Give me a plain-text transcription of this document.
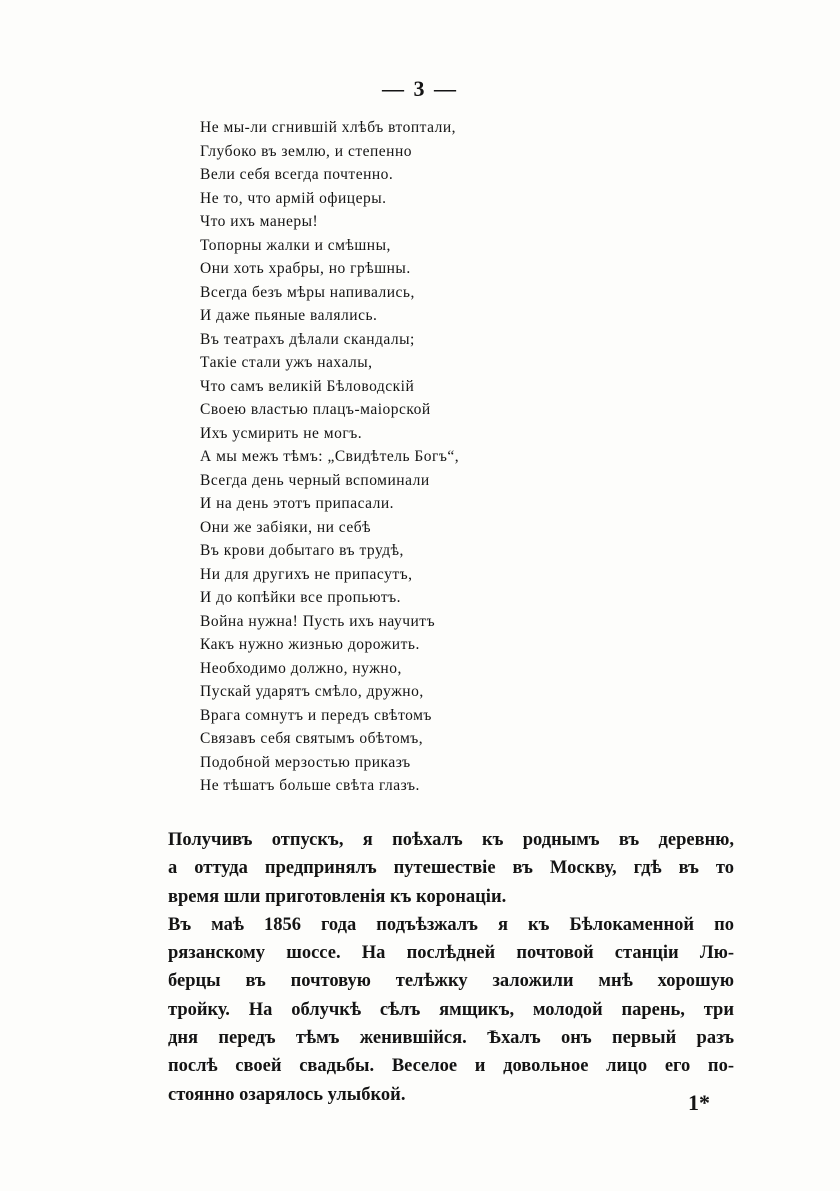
— 3 —
Не мы-ли сгнившій хлѣбъ втоптали,
Глубоко въ землю, и степенно
Вели себя всегда почтенно.
Не то, что армій офицеры.
Что ихъ манеры!
Топорны жалки и смѣшны,
Они хоть храбры, но грѣшны.
Всегда безъ мѣры напивались,
И даже пьяные валялись.
Въ театрахъ дѣлали скандалы;
Такіе стали ужъ нахалы,
Что самъ великій Бѣловодскій
Своею властью плацъ-маіорской
Ихъ усмирить не могъ.
А мы межъ тѣмъ: „Свидѣтель Богъ“,
Всегда день черный вспоминали
И на день этотъ припасали.
Они же забіяки, ни себѣ
Въ крови добытаго въ трудѣ,
Ни для другихъ не припасутъ,
И до копѣйки все пропьютъ.
Война нужна! Пусть ихъ научитъ
Какъ нужно жизнью дорожить.
Необходимо должно, нужно,
Пускай ударятъ смѣло, дружно,
Врага сомнутъ и передъ свѣтомъ
Связавъ себя святымъ обѣтомъ,
Подобной мерзостью приказъ
Не тѣшатъ больше свѣта глазъ.
Получивъ отпускъ, я поѣхалъ къ роднымъ въ деревню,
а оттуда предпринялъ путешествіе въ Москву, гдѣ въ то
время шли приготовленія къ коронаціи.
Въ маѣ 1856 года подъѣзжалъ я къ Бѣлокаменной по
рязанскому шоссе. На послѣдней почтовой станціи Лю-
берцы въ почтовую телѣжку заложили мнѣ хорошую
тройку. На облучкѣ сѣлъ ямщикъ, молодой парень, три
дня передъ тѣмъ женившійся. Ѣхалъ онъ первый разъ
послѣ своей свадьбы. Веселое и довольное лицо его по-
стоянно озарялось улыбкой.	1*
